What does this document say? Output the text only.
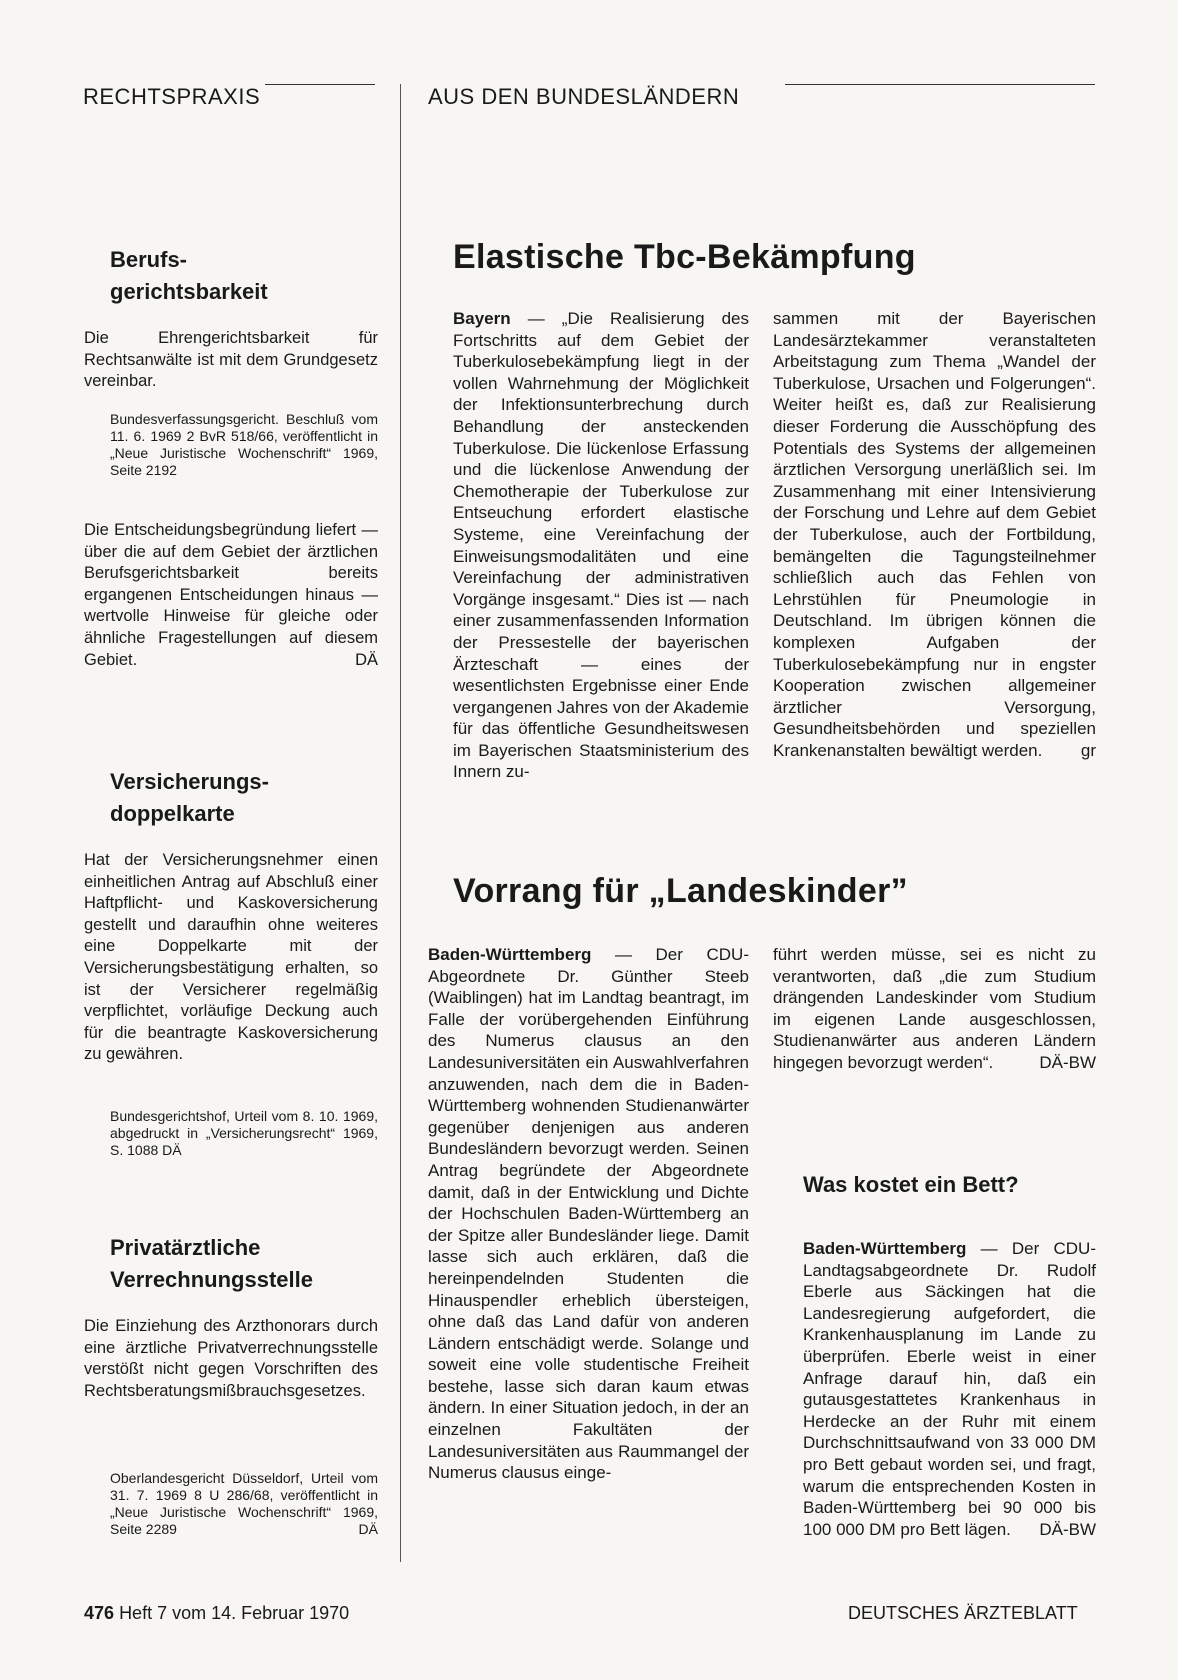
RECHTSPRAXIS	AUS DEN BUNDESLÄNDERN
Berufs-
gerichtsbarkeit

Die Ehrengerichtsbarkeit für Rechtsanwälte ist mit dem Grundgesetz vereinbar.

Bundesverfassungsgericht. Beschluß vom 11. 6. 1969 2 BvR 518/66, veröffentlicht in „Neue Juristische Wochenschrift“ 1969, Seite 2192

Die Entscheidungsbegründung liefert — über die auf dem Gebiet der ärztlichen Berufsgerichtsbarkeit bereits ergangenen Entscheidungen hinaus — wertvolle Hinweise für gleiche oder ähnliche Fragestellungen auf diesem Gebiet.	DÄ
Versicherungs-
doppelkarte

Hat der Versicherungsnehmer einen einheitlichen Antrag auf Abschluß einer Haftpflicht- und Kaskoversicherung gestellt und daraufhin ohne weiteres eine Doppelkarte mit der Versicherungsbestätigung erhalten, so ist der Versicherer regelmäßig verpflichtet, vorläufige Deckung auch für die beantragte Kaskoversicherung zu gewähren.

Bundesgerichtshof, Urteil vom 8. 10. 1969, abgedruckt in „Versicherungsrecht“ 1969, S. 1088 DÄ
Privatärztliche
Verrechnungsstelle

Die Einziehung des Arzthonorars durch eine ärztliche Privatverrechnungsstelle verstößt nicht gegen Vorschriften des Rechtsberatungsmißbrauchsgesetzes.

Oberlandesgericht Düsseldorf, Urteil vom 31. 7. 1969 8 U 286/68, veröffentlicht in „Neue Juristische Wochenschrift“ 1969, Seite 2289	DÄ
Elastische Tbc-Bekämpfung
Bayern — „Die Realisierung des Fortschritts auf dem Gebiet der Tuberkulosebekämpfung liegt in der vollen Wahrnehmung der Möglichkeit der Infektionsunterbrechung durch Behandlung der ansteckenden Tuberkulose. Die lückenlose Erfassung und die lückenlose Anwendung der Chemotherapie der Tuberkulose zur Entseuchung erfordert elastische Systeme, eine Vereinfachung der Einweisungsmodalitäten und eine Vereinfachung der administrativen Vorgänge insgesamt.“ Dies ist — nach einer zusammenfassenden Information der Pressestelle der bayerischen Ärzteschaft — eines der wesentlichsten Ergebnisse einer Ende vergangenen Jahres von der Akademie für das öffentliche Gesundheitswesen im Bayerischen Staatsministerium des Innern zu-
sammen mit der Bayerischen Landesärztekammer veranstalteten Arbeitstagung zum Thema „Wandel der Tuberkulose, Ursachen und Folgerungen“. Weiter heißt es, daß zur Realisierung dieser Forderung die Ausschöpfung des Potentials des Systems der allgemeinen ärztlichen Versorgung unerläßlich sei. Im Zusammenhang mit einer Intensivierung der Forschung und Lehre auf dem Gebiet der Tuberkulose, auch der Fortbildung, bemängelten die Tagungsteilnehmer schließlich auch das Fehlen von Lehrstühlen für Pneumologie in Deutschland. Im übrigen können die komplexen Aufgaben der Tuberkulosebekämpfung nur in engster Kooperation zwischen allgemeiner ärztlicher Versorgung, Gesundheitsbehörden und speziellen Krankenanstalten bewältigt werden. gr
Vorrang für „Landeskinder”
Baden-Württemberg — Der CDU-Abgeordnete Dr. Günther Steeb (Waiblingen) hat im Landtag beantragt, im Falle der vorübergehenden Einführung des Numerus clausus an den Landesuniversitäten ein Auswahlverfahren anzuwenden, nach dem die in Baden-Württemberg wohnenden Studienanwärter gegenüber denjenigen aus anderen Bundesländern bevorzugt werden. Seinen Antrag begründete der Abgeordnete damit, daß in der Entwicklung und Dichte der Hochschulen Baden-Württemberg an der Spitze aller Bundesländer liege. Damit lasse sich auch erklären, daß die hereinpendelnden Studenten die Hinauspendler erheblich übersteigen, ohne daß das Land dafür von anderen Ländern entschädigt werde. Solange und soweit eine volle studentische Freiheit bestehe, lasse sich daran kaum etwas ändern. In einer Situation jedoch, in der an einzelnen Fakultäten der Landesuniversitäten aus Raummangel der Numerus clausus einge-
führt werden müsse, sei es nicht zu verantworten, daß „die zum Studium drängenden Landeskinder vom Studium im eigenen Lande ausgeschlossen, Studienanwärter aus anderen Ländern hingegen bevorzugt werden“.	DÄ-BW
Was kostet ein Bett?
Baden-Württemberg — Der CDU-Landtagsabgeordnete Dr. Rudolf Eberle aus Säckingen hat die Landesregierung aufgefordert, die Krankenhausplanung im Lande zu überprüfen. Eberle weist in einer Anfrage darauf hin, daß ein gutausgestattetes Krankenhaus in Herdecke an der Ruhr mit einem Durchschnittsaufwand von 33 000 DM pro Bett gebaut worden sei, und fragt, warum die entsprechenden Kosten in Baden-Württemberg bei 90 000 bis 100 000 DM pro Bett lägen. DÄ-BW
476 Heft 7 vom 14. Februar 1970	DEUTSCHES ÄRZTEBLATT
